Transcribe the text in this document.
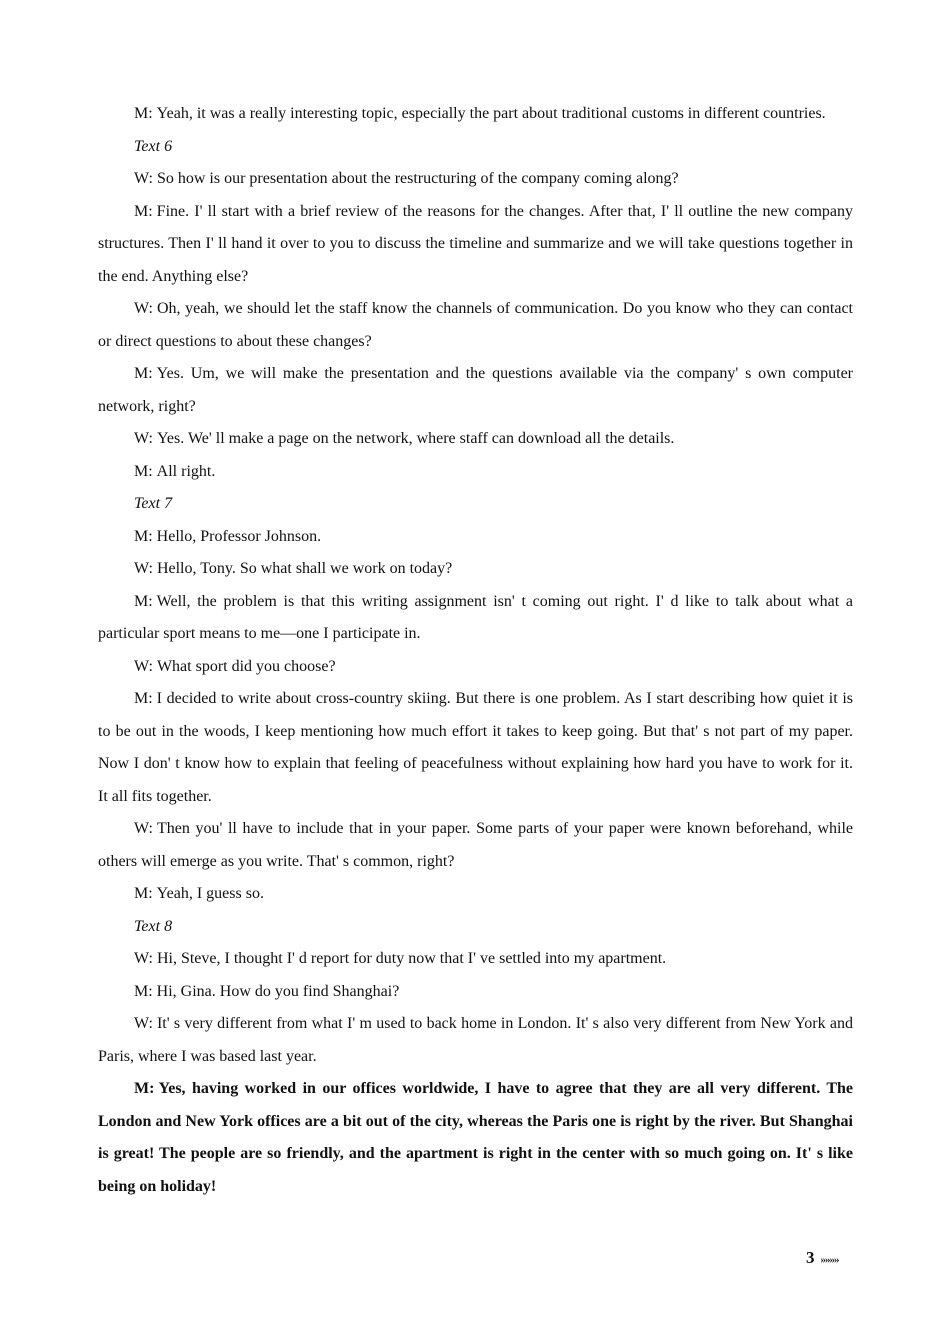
M: Yeah, it was a really interesting topic, especially the part about traditional customs in different countries.

Text 6

W: So how is our presentation about the restructuring of the company coming along?

M: Fine. I' ll start with a brief review of the reasons for the changes. After that, I' ll outline the new company structures. Then I' ll hand it over to you to discuss the timeline and summarize and we will take questions together in the end. Anything else?

W: Oh, yeah, we should let the staff know the channels of communication. Do you know who they can contact or direct questions to about these changes?

M: Yes. Um, we will make the presentation and the questions available via the company' s own computer network, right?

W: Yes. We' ll make a page on the network, where staff can download all the details.

M: All right.

Text 7

M: Hello, Professor Johnson.

W: Hello, Tony. So what shall we work on today?

M: Well, the problem is that this writing assignment isn' t coming out right. I' d like to talk about what a particular sport means to me—one I participate in.

W: What sport did you choose?

M: I decided to write about cross-country skiing. But there is one problem. As I start describing how quiet it is to be out in the woods, I keep mentioning how much effort it takes to keep going. But that' s not part of my paper. Now I don' t know how to explain that feeling of peacefulness without explaining how hard you have to work for it. It all fits together.

W: Then you' ll have to include that in your paper. Some parts of your paper were known beforehand, while others will emerge as you write. That' s common, right?

M: Yeah, I guess so.

Text 8

W: Hi, Steve, I thought I' d report for duty now that I' ve settled into my apartment.

M: Hi, Gina. How do you find Shanghai?

W: It' s very different from what I' m used to back home in London. It' s also very different from New York and Paris, where I was based last year.

M: Yes, having worked in our offices worldwide, I have to agree that they are all very different. The London and New York offices are a bit out of the city, whereas the Paris one is right by the river. But Shanghai is great! The people are so friendly, and the apartment is right in the center with so much going on. It' s like being on holiday!

3 »»»»
